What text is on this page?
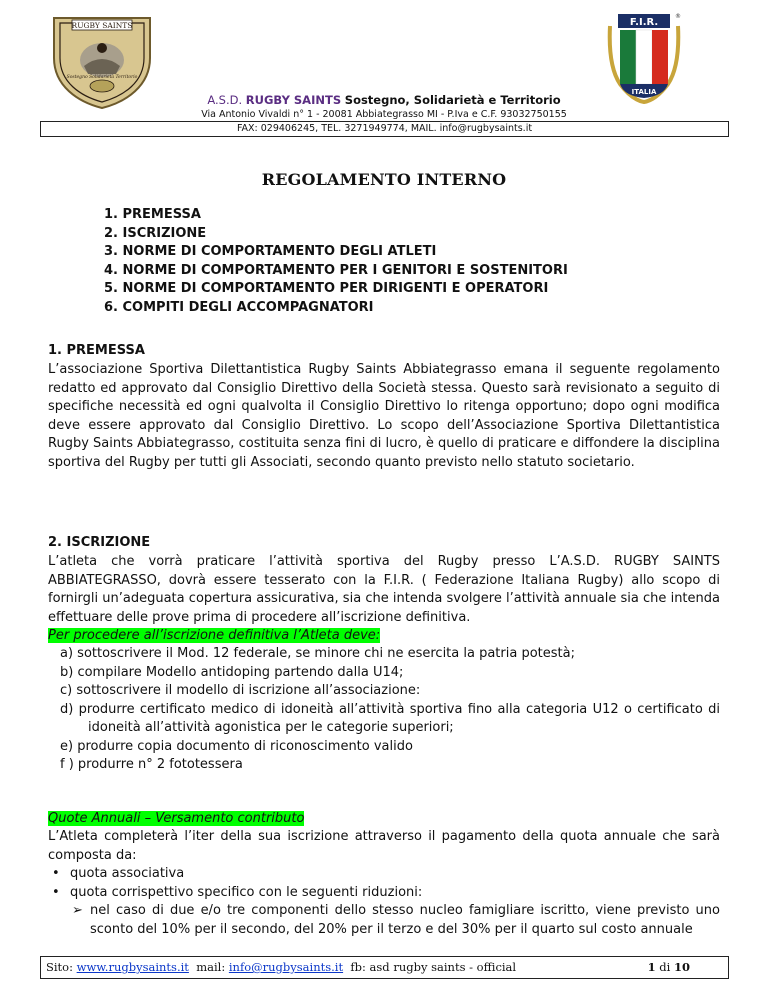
RUGBY SAINTS
Sostegno Solidarietà Territorio
F.I.R.
ITALIA
®
A.S.D. RUGBY SAINTS Sostegno, Solidarietà e Territorio
Via Antonio Vivaldi n° 1 - 20081 Abbiategrasso MI - P.Iva e C.F. 93032750155
FAX: 029406245, TEL. 3271949774, MAIL. info@rugbysaints.it
REGOLAMENTO INTERNO
1. PREMESSA
2. ISCRIZIONE
3. NORME DI COMPORTAMENTO DEGLI ATLETI
4. NORME DI COMPORTAMENTO PER I GENITORI E SOSTENITORI
5. NORME DI COMPORTAMENTO PER DIRIGENTI E OPERATORI
6. COMPITI DEGLI ACCOMPAGNATORI
1. PREMESSA

L’associazione Sportiva Dilettantistica Rugby Saints Abbiategrasso emana il seguente regolamento redatto ed approvato dal Consiglio Direttivo della Società stessa. Questo sarà revisionato a seguito di specifiche necessità ed ogni qualvolta il Consiglio Direttivo lo ritenga opportuno; dopo ogni modifica deve essere approvato dal Consiglio Direttivo. Lo scopo dell’Associazione Sportiva Dilettantistica Rugby Saints Abbiategrasso, costituita senza fini di lucro, è quello di praticare e diffondere la disciplina sportiva del Rugby per tutti gli Associati, secondo quanto previsto nello statuto societario.

2. ISCRIZIONE

L’atleta che vorrà praticare l’attività sportiva del Rugby presso L’A.S.D. RUGBY SAINTS ABBIATEGRASSO, dovrà essere tesserato con la F.I.R. ( Federazione Italiana Rugby) allo scopo di fornirgli un’adeguata copertura assicurativa, sia che intenda svolgere l’attività annuale sia che intenda effettuare delle prove prima di procedere all’iscrizione definitiva.

Per procedere all’iscrizione definitiva l’Atleta deve:
a) sottoscrivere il Mod. 12 federale, se minore chi ne esercita la patria potestà;
b) compilare Modello antidoping partendo dalla U14;
c) sottoscrivere il modello di iscrizione all’associazione:
d) produrre certificato medico di idoneità all’attività sportiva fino alla categoria U12 o certificato di idoneità all’attività agonistica per le categorie superiori;
e) produrre copia documento di riconoscimento valido
f ) produrre n° 2 fototessera
Quote Annuali – Versamento contributo

L’Atleta completerà l’iter della sua iscrizione attraverso il pagamento della quota annuale che sarà composta da:

• quota associativa
• quota corrispettivo specifico con le seguenti riduzioni:
➢ nel caso di due e/o tre componenti dello stesso nucleo famigliare iscritto, viene previsto uno sconto del 10% per il secondo, del 20% per il terzo e del 30% per il quarto sul costo annuale
Sito: www.rugbysaints.it mail: info@rugbysaints.it fb: asd rugby saints - official	1 di 10
